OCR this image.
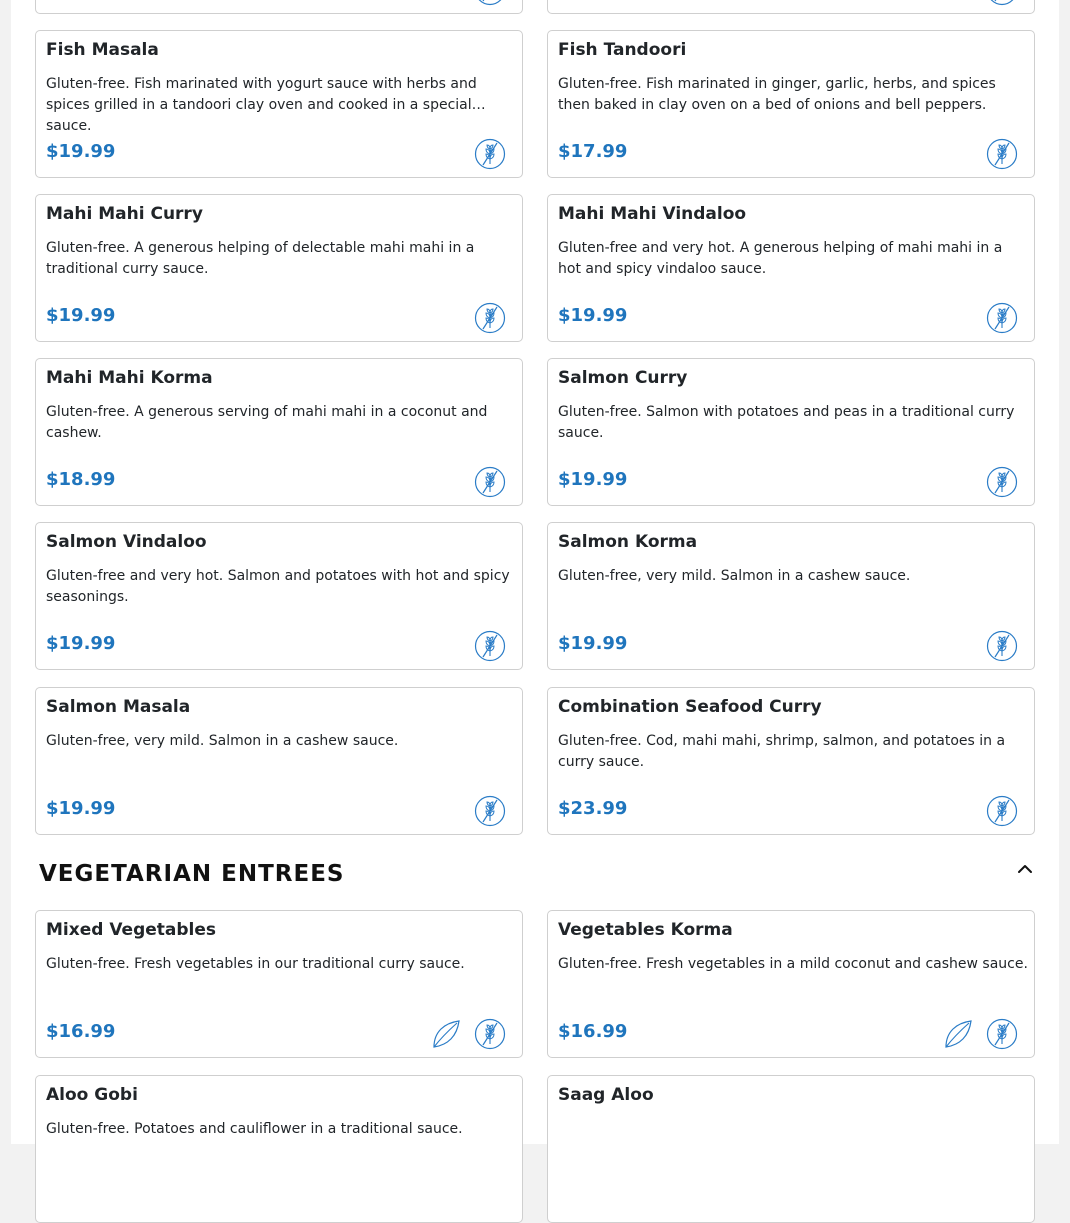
Fish Masala
Gluten-free. Fish marinated with yogurt sauce with herbs and spices grilled in a tandoori clay oven and cooked in a special sauce.
$19.99
Fish Tandoori
Gluten-free. Fish marinated in ginger, garlic, herbs, and spices then baked in clay oven on a bed of onions and bell peppers.
$17.99
Mahi Mahi Curry
Gluten-free. A generous helping of delectable mahi mahi in a traditional curry sauce.
$19.99
Mahi Mahi Vindaloo
Gluten-free and very hot. A generous helping of mahi mahi in a hot and spicy vindaloo sauce.
$19.99
Mahi Mahi Korma
Gluten-free. A generous serving of mahi mahi in a coconut and cashew.
$18.99
Salmon Curry
Gluten-free. Salmon with potatoes and peas in a traditional curry sauce.
$19.99
Salmon Vindaloo
Gluten-free and very hot. Salmon and potatoes with hot and spicy seasonings.
$19.99
Salmon Korma
Gluten-free, very mild. Salmon in a cashew sauce.
$19.99
Salmon Masala
Gluten-free, very mild. Salmon in a cashew sauce.
$19.99
Combination Seafood Curry
Gluten-free. Cod, mahi mahi, shrimp, salmon, and potatoes in a curry sauce.
$23.99
VEGETARIAN ENTREES
Mixed Vegetables
Gluten-free. Fresh vegetables in our traditional curry sauce.
$16.99
Vegetables Korma
Gluten-free. Fresh vegetables in a mild coconut and cashew sauce.
$16.99
Aloo Gobi
Gluten-free. Potatoes and cauliflower in a traditional sauce.
Saag Aloo
